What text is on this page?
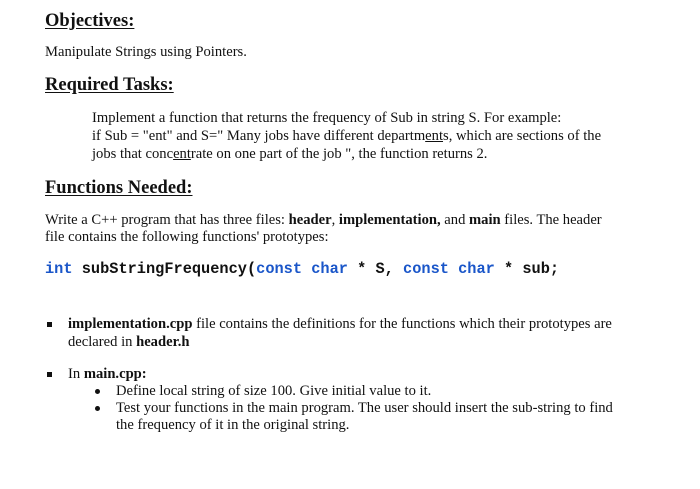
Objectives:
Manipulate Strings using Pointers.
Required Tasks:
Implement a function that returns the frequency of Sub in string S. For example:
if Sub = "ent" and S=" Many jobs have different departments, which are sections of the
jobs that concentrate on one part of the job ", the function returns 2.
Functions Needed:
Write a C++ program that has three files: header, implementation, and main files. The header
file contains the following functions' prototypes:
int subStringFrequency(const char * S, const char * sub;
implementation.cpp file contains the definitions for the functions which their prototypes are
declared in header.h
In main.cpp:
Define local string of size 100. Give initial value to it.
Test your functions in the main program. The user should insert the sub-string to find
the frequency of it in the original string.
